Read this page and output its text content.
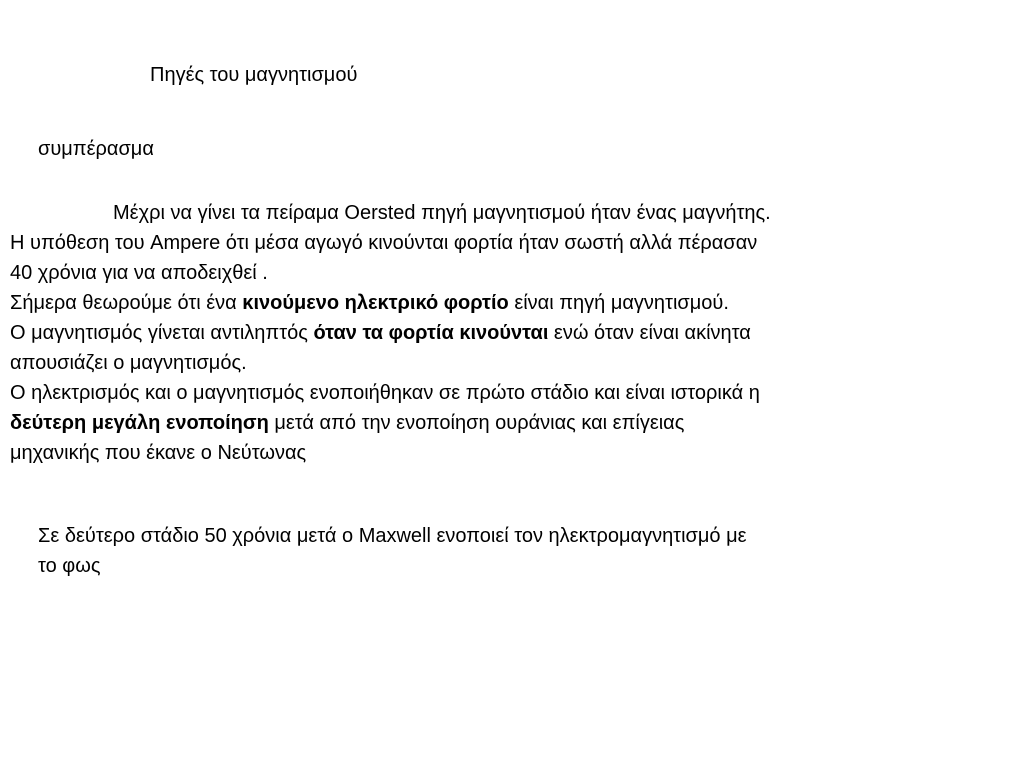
Πηγές του μαγνητισμού
συμπέρασμα
Μέχρι να γίνει τα πείραμα Oersted πηγή μαγνητισμού ήταν ένας μαγνήτης.
Η υπόθεση του Ampere ότι μέσα αγωγό κινούνται φορτία ήταν σωστή αλλά πέρασαν
40 χρόνια για να αποδειχθεί .
Σήμερα θεωρούμε ότι ένα κινούμενο ηλεκτρικό φορτίο είναι πηγή μαγνητισμού.
Ο μαγνητισμός γίνεται αντιληπτός όταν τα φορτία κινούνται ενώ όταν είναι ακίνητα
απουσιάζει ο μαγνητισμός.
Ο ηλεκτρισμός και ο μαγνητισμός ενοποιήθηκαν σε πρώτο στάδιο και είναι ιστορικά η
δεύτερη μεγάλη ενοποίηση μετά από την ενοποίηση ουράνιας και επίγειας
μηχανικής που έκανε ο Νεύτωνας
Σε δεύτερο στάδιο 50 χρόνια μετά ο Maxwell ενοποιεί τον ηλεκτρομαγνητισμό με
το φως
